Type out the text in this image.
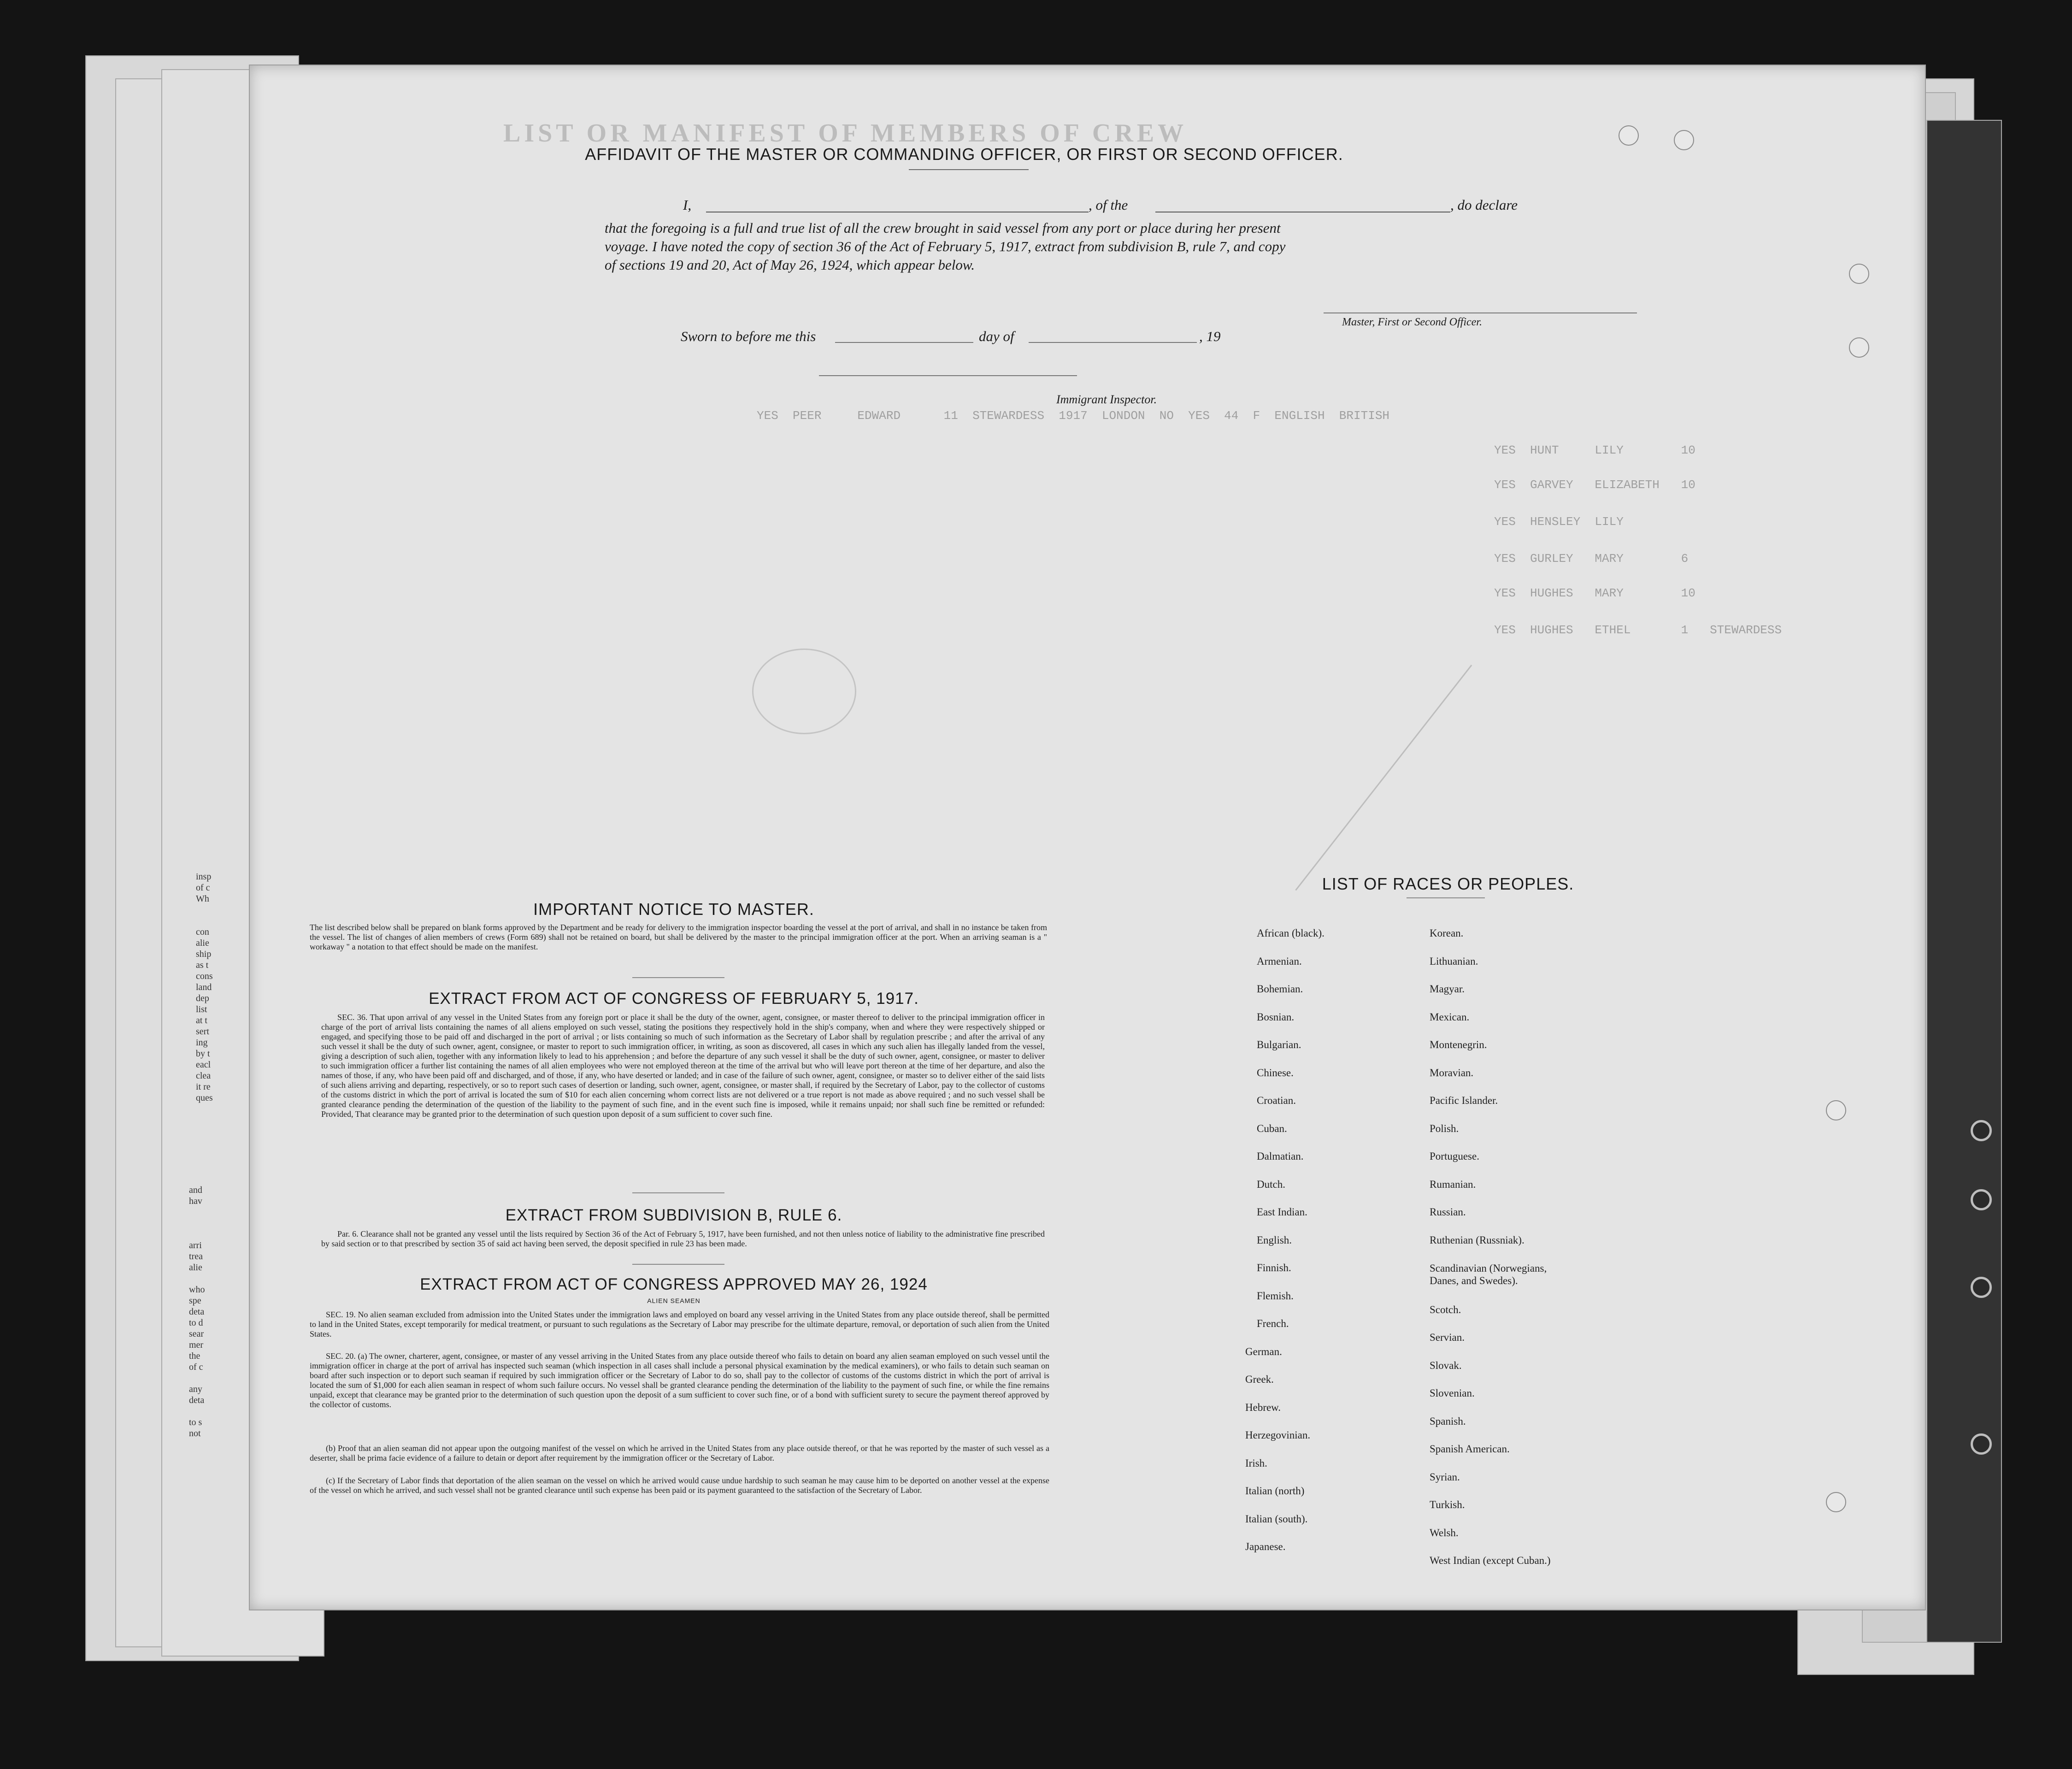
insp
of c
Wh

con
alie
ship
as t
cons
land
dep
list
at t
sert
ing
by t
eacl
clea
it re
ques
and
hav

arri
trea
alie

who
spe
deta
to d
sear
mer
the
of c

any
deta

to s
not
LIST OR MANIFEST OF MEMBERS OF CREW
YES  PEER     EDWARD      11  STEWARDESS  1917  LONDON  NO  YES  44  F  ENGLISH  BRITISH
YES  HUNT     LILY        10
YES  GARVEY   ELIZABETH   10
YES  HENSLEY  LILY
YES  GURLEY   MARY        6
YES  HUGHES   MARY        10
YES  HUGHES   ETHEL       1   STEWARDESS
AFFIDAVIT OF THE MASTER OR COMMANDING OFFICER, OR FIRST OR SECOND OFFICER.
I,	, of the	, do declare
that the foregoing is a full and true list of all the crew brought in said vessel from any port or place during her present
voyage. I have noted the copy of section 36 of the Act of February 5, 1917, extract from subdivision B, rule 7, and copy
of sections 19 and 20, Act of May 26, 1924, which appear below.
Master, First or Second Officer.
Sworn to before me this	day of	, 19
Immigrant Inspector.
IMPORTANT NOTICE TO MASTER.
The list described below shall be prepared on blank forms approved by the Department and be ready for delivery to the immigration inspector boarding the vessel at the port of arrival, and shall in no instance be taken from the vessel. The list of changes of alien members of crews (Form 689) shall not be retained on board, but shall be delivered by the master to the principal immigration officer at the port. When an arriving seaman is a " workaway " a notation to that effect should be made on the manifest.
EXTRACT FROM ACT OF CONGRESS OF FEBRUARY 5, 1917.
SEC. 36. That upon arrival of any vessel in the United States from any foreign port or place it shall be the duty of the owner, agent, consignee, or master thereof to deliver to the principal immigration officer in charge of the port of arrival lists containing the names of all aliens employed on such vessel, stating the positions they respectively hold in the ship's company, when and where they were respectively shipped or engaged, and specifying those to be paid off and discharged in the port of arrival ; or lists containing so much of such information as the Secretary of Labor shall by regulation prescribe ; and after the arrival of any such vessel it shall be the duty of such owner, agent, consignee, or master to report to such immigration officer, in writing, as soon as discovered, all cases in which any such alien has illegally landed from the vessel, giving a description of such alien, together with any information likely to lead to his apprehension ; and before the departure of any such vessel it shall be the duty of such owner, agent, consignee, or master to deliver to such immigration officer a further list containing the names of all alien employees who were not employed thereon at the time of the arrival but who will leave port thereon at the time of her departure, and also the names of those, if any, who have been paid off and discharged, and of those, if any, who have deserted or landed; and in case of the failure of such owner, agent, consignee, or master so to deliver either of the said lists of such aliens arriving and departing, respectively, or so to report such cases of desertion or landing, such owner, agent, consignee, or master shall, if required by the Secretary of Labor, pay to the collector of customs of the customs district in which the port of arrival is located the sum of $10 for each alien concerning whom correct lists are not delivered or a true report is not made as above required ; and no such vessel shall be granted clearance pending the determination of the question of the liability to the payment of such fine, and in the event such fine is imposed, while it remains unpaid; nor shall such fine be remitted or refunded: Provided, That clearance may be granted prior to the determination of such question upon deposit of a sum sufficient to cover such fine.
EXTRACT FROM SUBDIVISION B, RULE 6.
Par. 6. Clearance shall not be granted any vessel until the lists required by Section 36 of the Act of February 5, 1917, have been furnished, and not then unless notice of liability to the administrative fine prescribed by said section or to that prescribed by section 35 of said act having been served, the deposit specified in rule 23 has been made.
EXTRACT FROM ACT OF CONGRESS APPROVED MAY 26, 1924
ALIEN SEAMEN
SEC. 19. No alien seaman excluded from admission into the United States under the immigration laws and employed on board any vessel arriving in the United States from any place outside thereof, shall be permitted to land in the United States, except temporarily for medical treatment, or pursuant to such regulations as the Secretary of Labor may prescribe for the ultimate departure, removal, or deportation of such alien from the United States.
SEC. 20. (a) The owner, charterer, agent, consignee, or master of any vessel arriving in the United States from any place outside thereof who fails to detain on board any alien seaman employed on such vessel until the immigration officer in charge at the port of arrival has inspected such seaman (which inspection in all cases shall include a personal physical examination by the medical examiners), or who fails to detain such seaman on board after such inspection or to deport such seaman if required by such immigration officer or the Secretary of Labor to do so, shall pay to the collector of customs of the customs district in which the port of arrival is located the sum of $1,000 for each alien seaman in respect of whom such failure occurs. No vessel shall be granted clearance pending the determination of the liability to the payment of such fine, or while the fine remains unpaid, except that clearance may be granted prior to the determination of such question upon the deposit of a sum sufficient to cover such fine, or of a bond with sufficient surety to secure the payment thereof approved by the collector of customs.
(b) Proof that an alien seaman did not appear upon the outgoing manifest of the vessel on which he arrived in the United States from any place outside thereof, or that he was reported by the master of such vessel as a deserter, shall be prima facie evidence of a failure to detain or deport after requirement by the immigration officer or the Secretary of Labor.
(c) If the Secretary of Labor finds that deportation of the alien seaman on the vessel on which he arrived would cause undue hardship to such seaman he may cause him to be deported on another vessel at the expense of the vessel on which he arrived, and such vessel shall not be granted clearance until such expense has been paid or its payment guaranteed to the satisfaction of the Secretary of Labor.
LIST OF RACES OR PEOPLES.
African (black).
Armenian.
Bohemian.
Bosnian.
Bulgarian.
Chinese.
Croatian.
Cuban.
Dalmatian.
Dutch.
East Indian.
English.
Finnish.
Flemish.
French.
German.
Greek.
Hebrew.
Herzegovinian.
Irish.
Italian (north)
Italian (south).
Japanese.
Korean.
Lithuanian.
Magyar.
Mexican.
Montenegrin.
Moravian.
Pacific Islander.
Polish.
Portuguese.
Rumanian.
Russian.
Ruthenian (Russniak).
Scandinavian (Norwegians, Danes, and Swedes).
Scotch.
Servian.
Slovak.
Slovenian.
Spanish.
Spanish American.
Syrian.
Turkish.
Welsh.
West Indian (except Cuban.)
